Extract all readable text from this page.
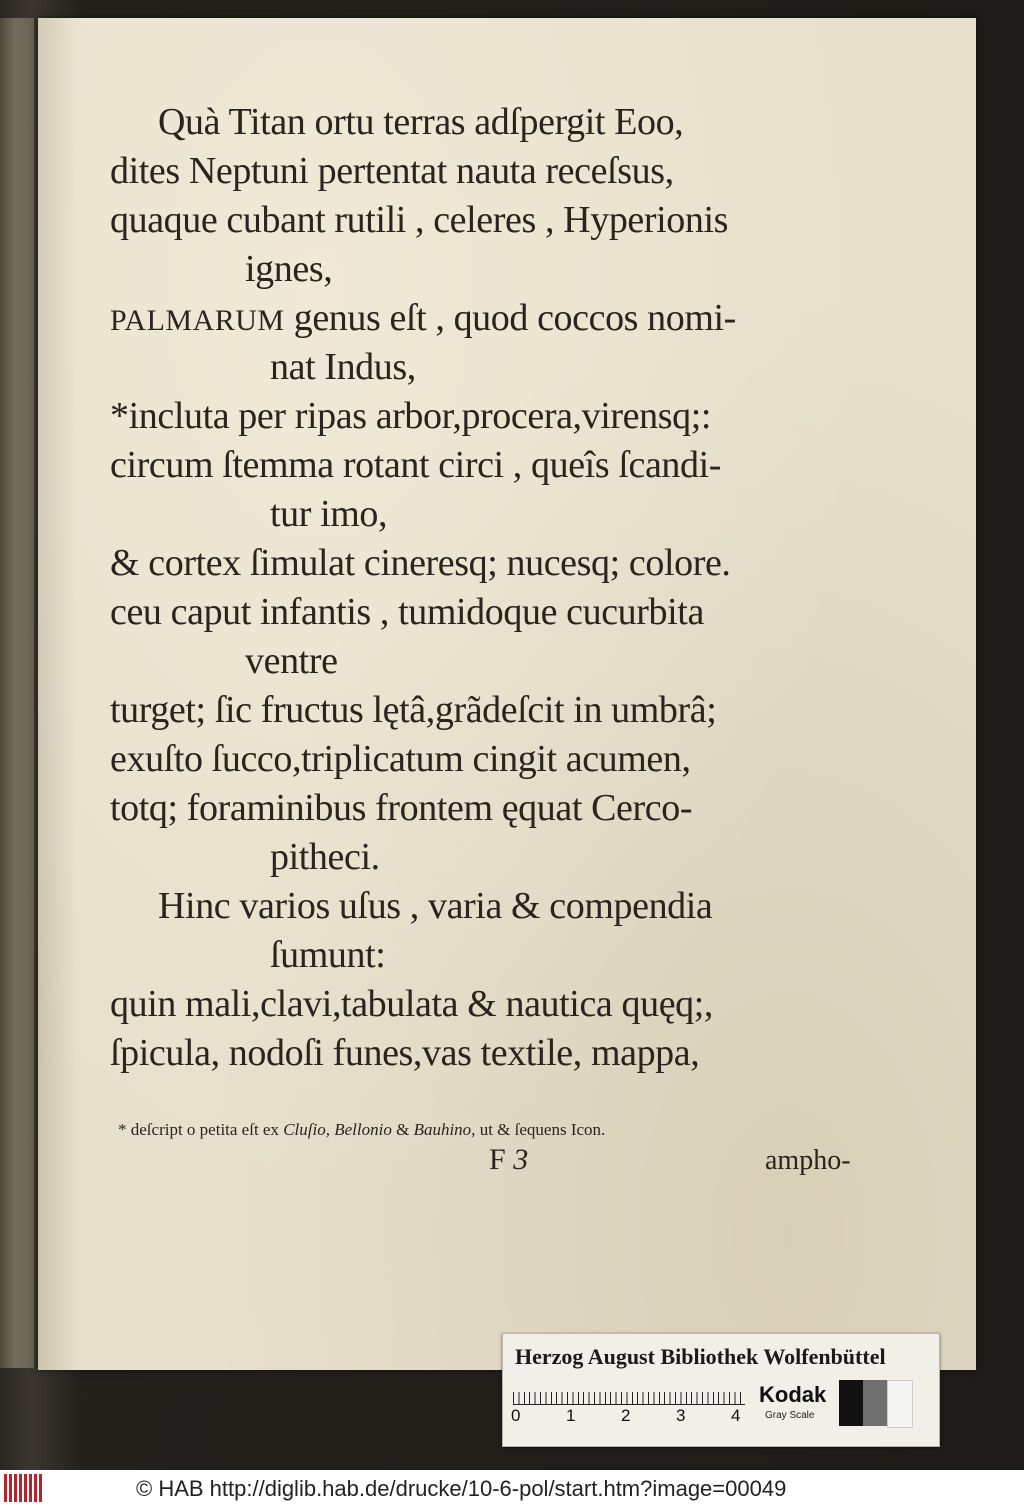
Quà Titan ortu terras adſpergit Eoo,
dites Neptuni pertentat nauta receſsus,
quaque cubant rutili , celeres , Hyperionis
ignes,
PALMARUM genus eſt , quod coccos nomi-
nat Indus,
*incluta per ripas arbor,procera,virensq;:
circum ſtemma rotant circi , queîs ſcandi-
tur imo,
& cortex ſimulat cineresq; nucesq; colore.
ceu caput infantis , tumidoque cucurbita
ventre
turget; ſic fructus lętâ,grãdeſcit in umbrâ;
exuſto ſucco,triplicatum cingit acumen,
totq; foraminibus frontem ęquat Cerco-
pitheci.
Hinc varios uſus , varia & compendia
ſumunt:
quin mali,clavi,tabulata & nautica quęq;,
ſpicula, nodoſi funes,vas textile, mappa,
* deſcript o petita eſt ex Cluſio, Bellonio & Bauhino, ut & ſequens Icon.
F 3	ampho-
Herzog August Bibliothek Wolfenbüttel
0	1	2	3	4
Kodak
Gray Scale
© HAB http://diglib.hab.de/drucke/10-6-pol/start.htm?image=00049
